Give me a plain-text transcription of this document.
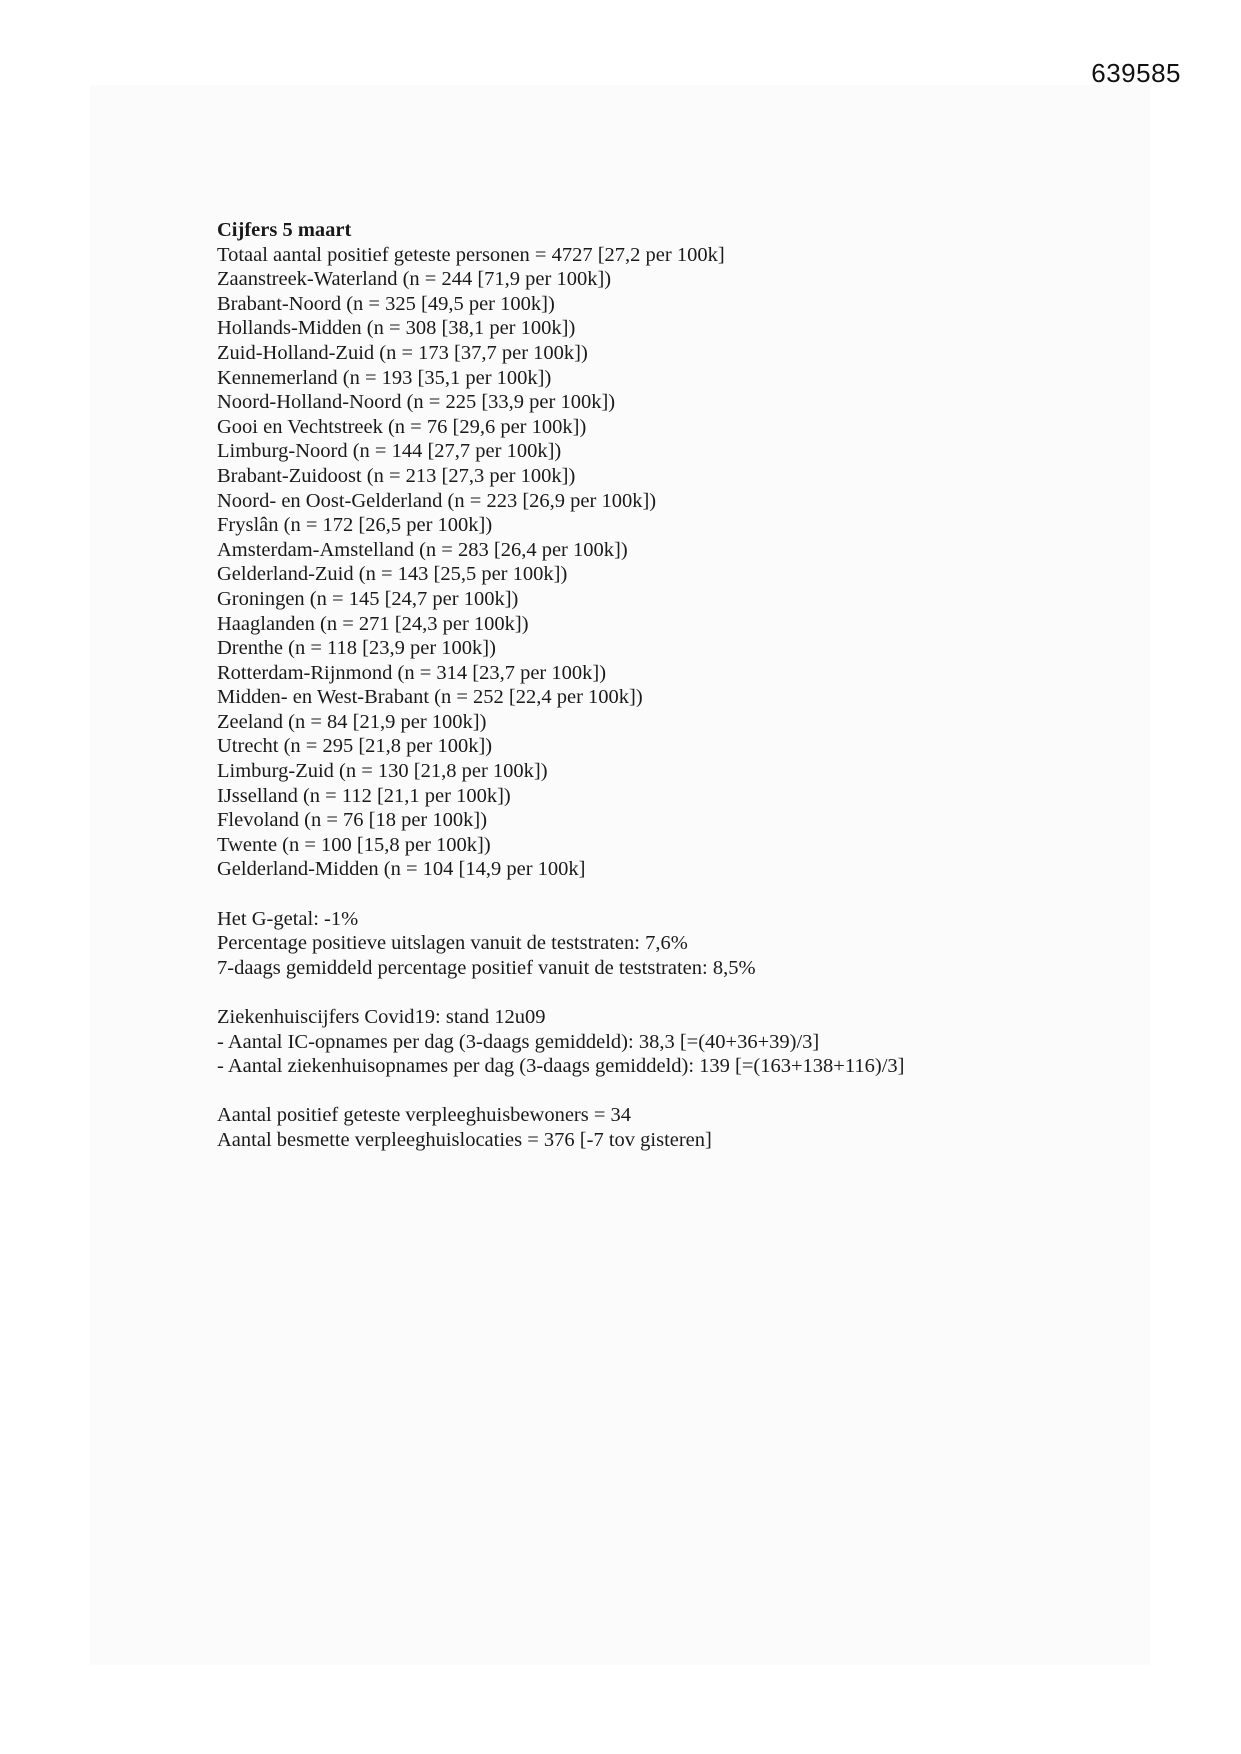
639585
Cijfers 5 maart
Totaal aantal positief geteste personen = 4727 [27,2 per 100k]
Zaanstreek-Waterland (n = 244 [71,9 per 100k])
Brabant-Noord (n = 325 [49,5 per 100k])
Hollands-Midden (n = 308 [38,1 per 100k])
Zuid-Holland-Zuid (n = 173 [37,7 per 100k])
Kennemerland (n = 193 [35,1 per 100k])
Noord-Holland-Noord (n = 225 [33,9 per 100k])
Gooi en Vechtstreek (n = 76 [29,6 per 100k])
Limburg-Noord (n = 144 [27,7 per 100k])
Brabant-Zuidoost (n = 213 [27,3 per 100k])
Noord- en Oost-Gelderland (n = 223 [26,9 per 100k])
Fryslân (n = 172 [26,5 per 100k])
Amsterdam-Amstelland (n = 283 [26,4 per 100k])
Gelderland-Zuid (n = 143 [25,5 per 100k])
Groningen (n = 145 [24,7 per 100k])
Haaglanden (n = 271 [24,3 per 100k])
Drenthe (n = 118 [23,9 per 100k])
Rotterdam-Rijnmond (n = 314 [23,7 per 100k])
Midden- en West-Brabant (n = 252 [22,4 per 100k])
Zeeland (n = 84 [21,9 per 100k])
Utrecht (n = 295 [21,8 per 100k])
Limburg-Zuid (n = 130 [21,8 per 100k])
IJsselland (n = 112 [21,1 per 100k])
Flevoland (n = 76 [18 per 100k])
Twente (n = 100 [15,8 per 100k])
Gelderland-Midden (n = 104 [14,9 per 100k]
Het G-getal: -1%
Percentage positieve uitslagen vanuit de teststraten: 7,6%
7-daags gemiddeld percentage positief vanuit de teststraten: 8,5%
Ziekenhuiscijfers Covid19: stand 12u09
- Aantal IC-opnames per dag (3-daags gemiddeld): 38,3 [=(40+36+39)/3]
- Aantal ziekenhuisopnames per dag (3-daags gemiddeld): 139 [=(163+138+116)/3]
Aantal positief geteste verpleeghuisbewoners = 34
Aantal besmette verpleeghuislocaties = 376 [-7 tov gisteren]
